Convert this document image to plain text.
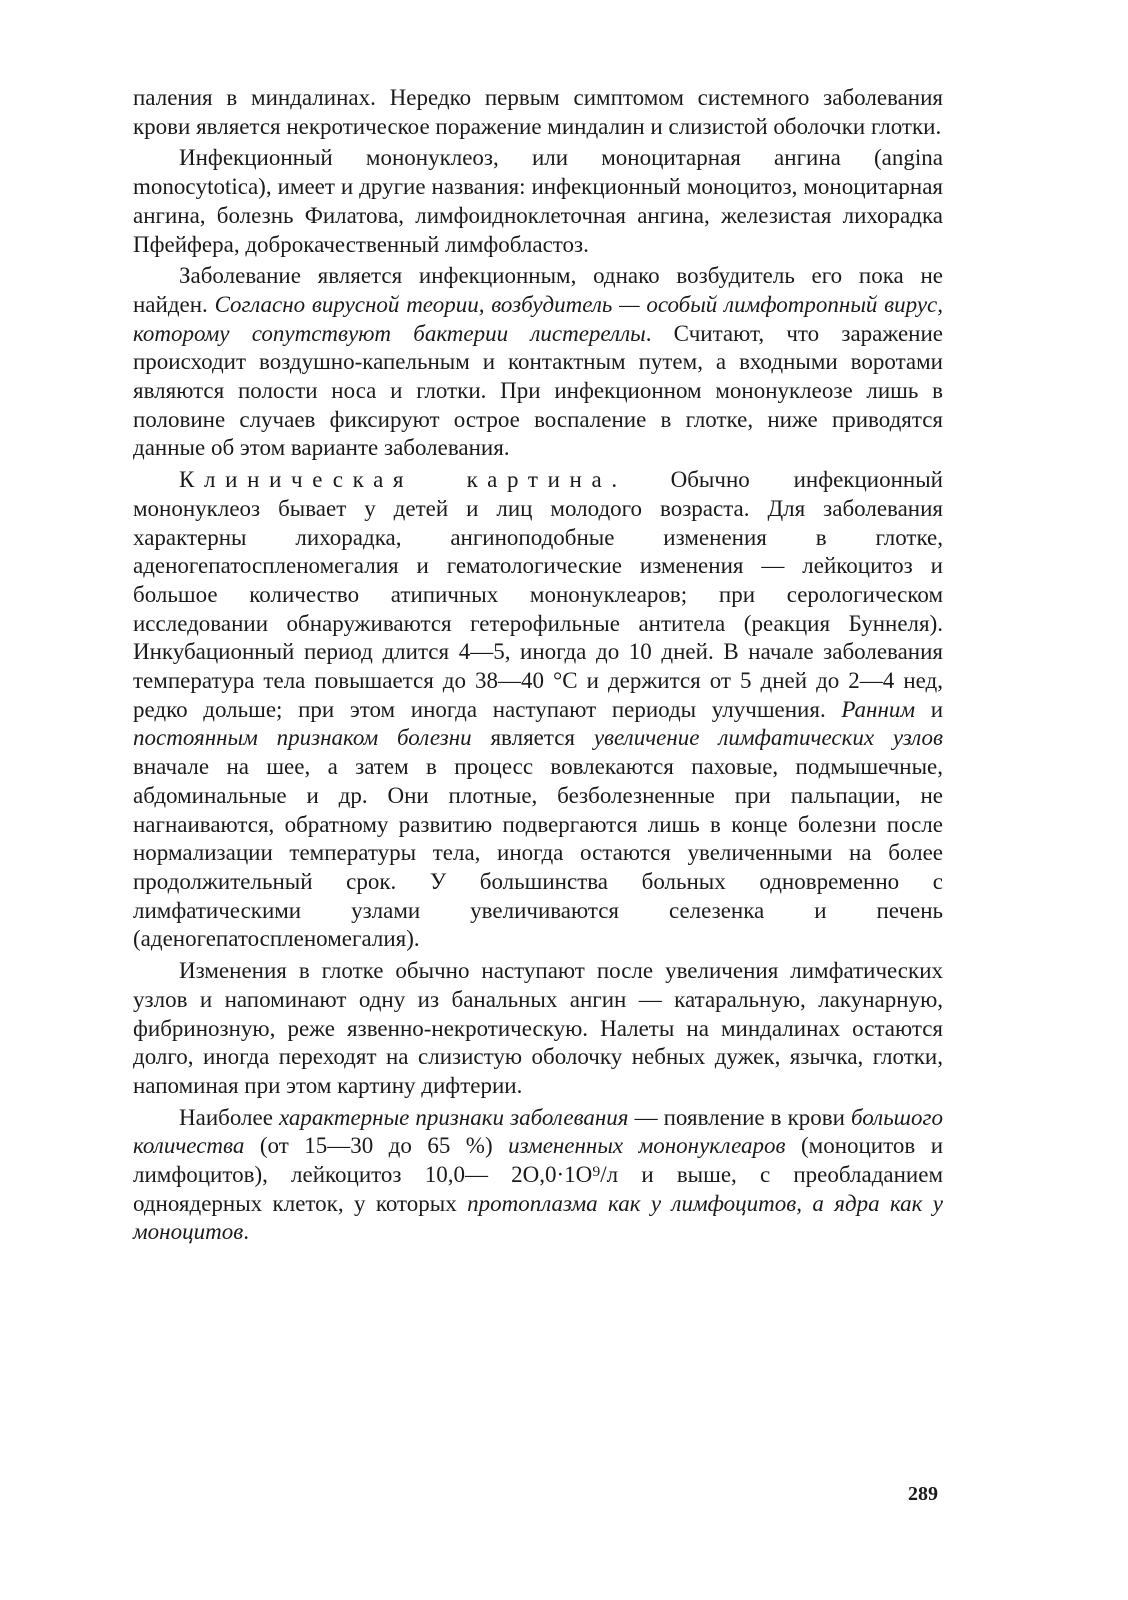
паления в миндалинах. Нередко первым симптомом системного заболевания крови является некротическое поражение миндалин и слизистой оболочки глотки.

Инфекционный мононуклеоз, или моноцитарная ангина (angina monocytotica), имеет и другие названия: инфекционный моноцитоз, моноцитарная ангина, болезнь Филатова, лимфоидноклеточная ангина, железистая лихорадка Пфейфера, доброкачественный лимфобластоз.

Заболевание является инфекционным, однако возбудитель его пока не найден. Согласно вирусной теории, возбудитель — особый лимфотропный вирус, которому сопутствуют бактерии листереллы. Считают, что заражение происходит воздушно-капельным и контактным путем, а входными воротами являются полости носа и глотки. При инфекционном мононуклеозе лишь в половине случаев фиксируют острое воспаление в глотке, ниже приводятся данные об этом варианте заболевания.

Клиническая картина. Обычно инфекционный мононуклеоз бывает у детей и лиц молодого возраста. Для заболевания характерны лихорадка, ангиноподобные изменения в глотке, аденогепатоспленомегалия и гематологические изменения — лейкоцитоз и большое количество атипичных мононуклеаров; при серологическом исследовании обнаруживаются гетерофильные антитела (реакция Буннеля). Инкубационный период длится 4—5, иногда до 10 дней. В начале заболевания температура тела повышается до 38—40 °С и держится от 5 дней до 2—4 нед, редко дольше; при этом иногда наступают периоды улучшения. Ранним и постоянным признаком болезни является увеличение лимфатических узлов вначале на шее, а затем в процесс вовлекаются паховые, подмышечные, абдоминальные и др. Они плотные, безболезненные при пальпации, не нагнаиваются, обратному развитию подвергаются лишь в конце болезни после нормализации температуры тела, иногда остаются увеличенными на более продолжительный срок. У большинства больных одновременно с лимфатическими узлами увеличиваются селезенка и печень (аденогепатоспленомегалия).

Изменения в глотке обычно наступают после увеличения лимфатических узлов и напоминают одну из банальных ангин — катаральную, лакунарную, фибринозную, реже язвенно-некротическую. Налеты на миндалинах остаются долго, иногда переходят на слизистую оболочку небных дужек, язычка, глотки, напоминая при этом картину дифтерии.

Наиболее характерные признаки заболевания — появление в крови большого количества (от 15—30 до 65 %) измененных мононуклеаров (моноцитов и лимфоцитов), лейкоцитоз 10,0— 2О,0·1О⁹/л и выше, с преобладанием одноядерных клеток, у которых протоплазма как у лимфоцитов, а ядра как у моноцитов.

289
